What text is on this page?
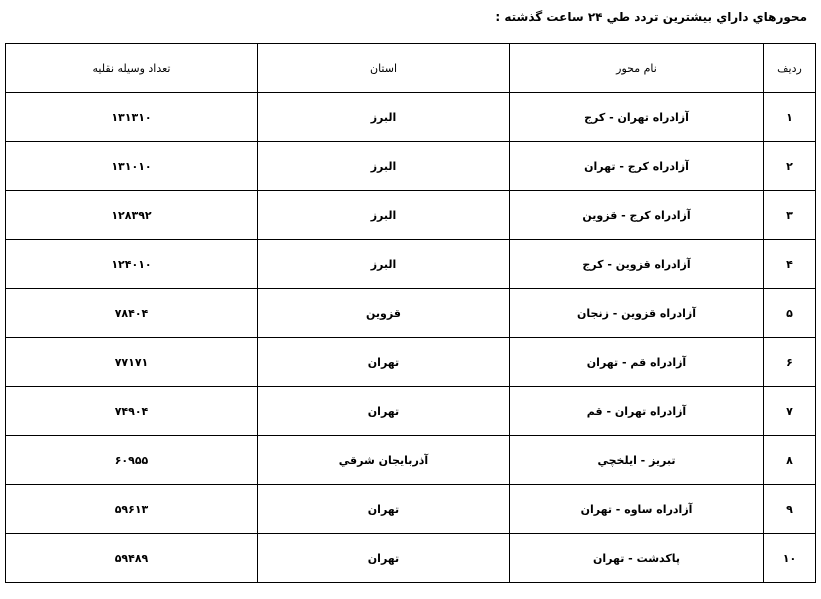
محورهاي داراي بيشترين تردد طي ۲۴ ساعت گذشته :
رديف	نام محور	استان	تعداد وسيله نقليه
۱	آزادراه تهران - كرج	البرز	۱۳۱۳۱۰
۲	آزادراه كرج - تهران	البرز	۱۳۱۰۱۰
۳	آزادراه كرج - قزوين	البرز	۱۲۸۳۹۲
۴	آزادراه قزوين - كرج	البرز	۱۲۴۰۱۰
۵	آزادراه قزوين - زنجان	قزوين	۷۸۴۰۴
۶	آزادراه قم - تهران	تهران	۷۷۱۷۱
۷	آزادراه تهران - قم	تهران	۷۴۹۰۴
۸	تبريز - ايلخچي	آذربايجان شرقي	۶۰۹۵۵
۹	آزادراه ساوه - تهران	تهران	۵۹۶۱۳
۱۰	پاكدشت - تهران	تهران	۵۹۴۸۹
